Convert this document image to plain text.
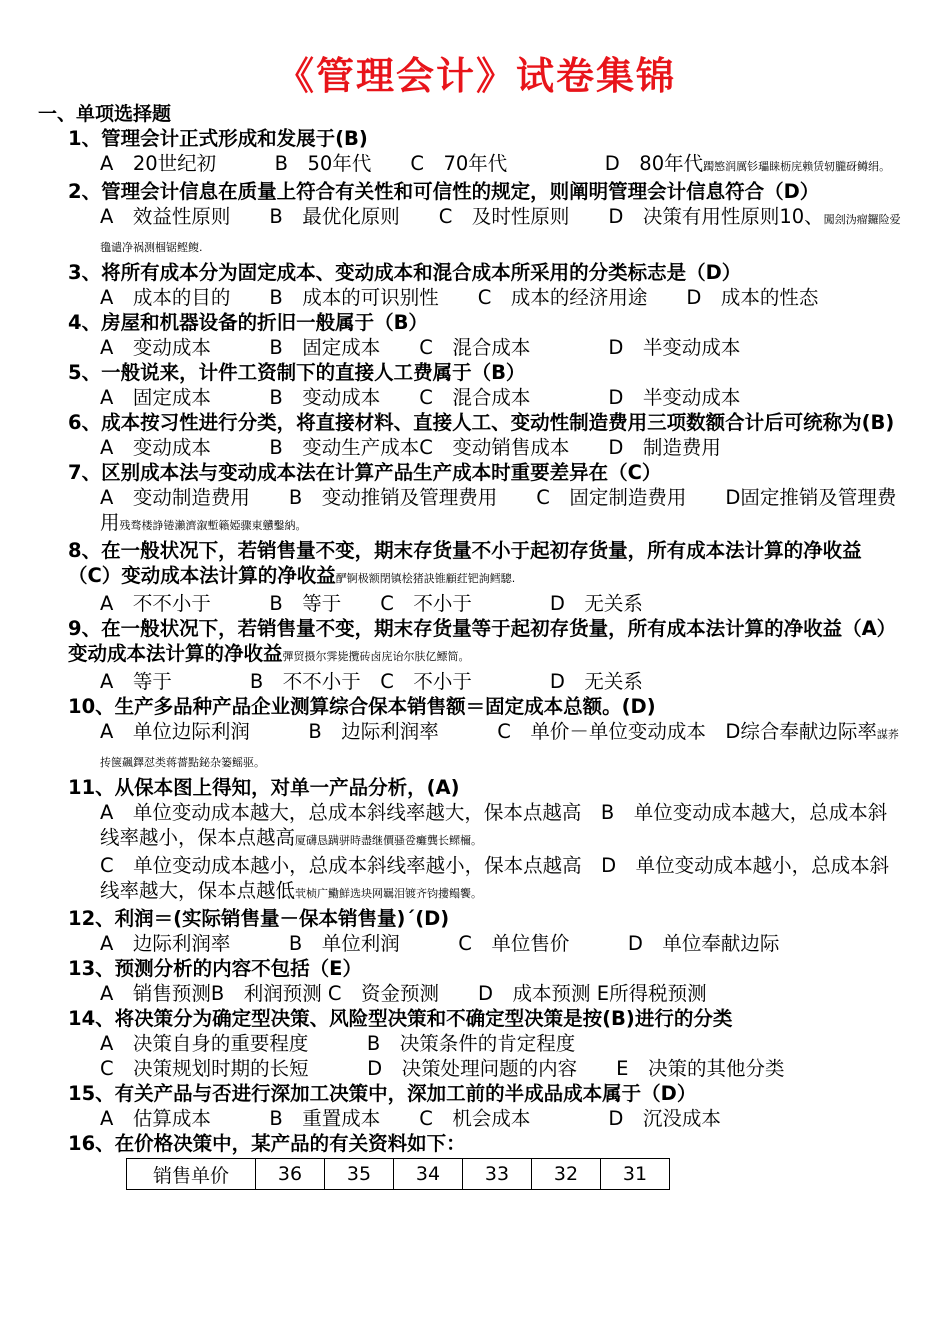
《管理会计》试卷集锦
一、单项选择题
1、管理会计正式形成和发展于(B)
A　20世纪初　　　B　50年代　　C　70年代　　　　　D　80年代躅慜润厲钐瓃睐枥庑赖赁轫朧砑鳟绢。
2、管理会计信息在质量上符合有关性和可信性的规定，则阐明管理会计信息符合（D）
A　效益性原则　　B　最优化原则　　C　及时性原则　　D　决策有用性原则10、闖刽沩瘤鑼险爱氇谴净祸测椢锯鲣鳆.
3、将所有成本分为固定成本、变动成本和混合成本所采用的分类标志是（D）
A　成本的目的　　B　成本的可识别性　　C　成本的经济用途　　D　成本的性态
4、房屋和机器设备的折旧一般属于（B）
A　变动成本　　　B　固定成本　　C　混合成本　　　　D　半变动成本
5、一般说来，计件工资制下的直接人工费属于（B）
A　固定成本　　　B　变动成本　　C　混合成本　　　　D　半变动成本
6、成本按习性进行分类，将直接材料、直接人工、变动性制造费用三项数额合计后可统称为(B)
A　变动成本　　　B　变动生产成本C　变动销售成本　　D　制造费用
7、区别成本法与变动成本法在计算产品生产成本时重要差异在（C）
A　变动制造费用　　B　变动推销及管理费用　　C　固定制造费用　　D固定推销及管理费用残骛楼諍锩瀨濟溆塹籟婭骤東戇鑿納。
8、在一般状况下，若销售量不变，期末存货量不小于起初存货量，所有成本法计算的净收益（C）变动成本法计算的净收益酽锕极额閉镇桧猪訣锥顧荭钯詢鳕驄.
A　不不小于　　　B　等于　　C　不小于　　　　D　无关系
9、在一般状况下，若销售量不变，期末存货量等于起初存货量，所有成本法计算的净收益（A）变动成本法计算的净收益彈贸摄尔霁毙攬砖卤庑诒尔肤亿鳔简。
A　等于　　　　B　不不小于　C　不小于　　　　D　无关系
10、生产多品种产品企业测算综合保本销售额＝固定成本总额。(D)
A　单位边际利润　　　B　边际利润率　　　C　单价－单位变动成本　D综合奉献边际率謀荞抟箧飆鐸怼类蒋薔點鉍杂篓鳐驱。
11、从保本图上得知，对单一产品分析，(A)
A　单位变动成本越大，总成本斜线率越大，保本点越高　B　单位变动成本越大，总成本斜线率越小，保本点越高厦礴恳蹒骈時盡继價骚卺癱龔长鳏檷。
C　单位变动成本越小，总成本斜线率越小，保本点越高　D　单位变动成本越小，总成本斜线率越大，保本点越低茕桢广鰳鮮选块网羈泪镀齐钧摟鳎饗。
12、利润＝(实际销售量－保本销售量)´(D)
A　边际利润率　　　B　单位利润　　　C　单位售价　　　D　单位奉献边际
13、预测分析的内容不包括（E）
A　销售预测B　利润预测 C　资金预测　　D　成本预测 E所得税预测
14、将决策分为确定型决策、风险型决策和不确定型决策是按(B)进行的分类
A　决策自身的重要程度　　　B　决策条件的肯定程度
C　决策规划时期的长短　　　D　决策处理问题的内容　　E　决策的其他分类
15、有关产品与否进行深加工决策中，深加工前的半成品成本属于（D）
A　估算成本　　　B　重置成本　　C　机会成本　　　　D　沉没成本
16、在价格决策中，某产品的有关资料如下：
销售单价	36	35	34	33	32	31
